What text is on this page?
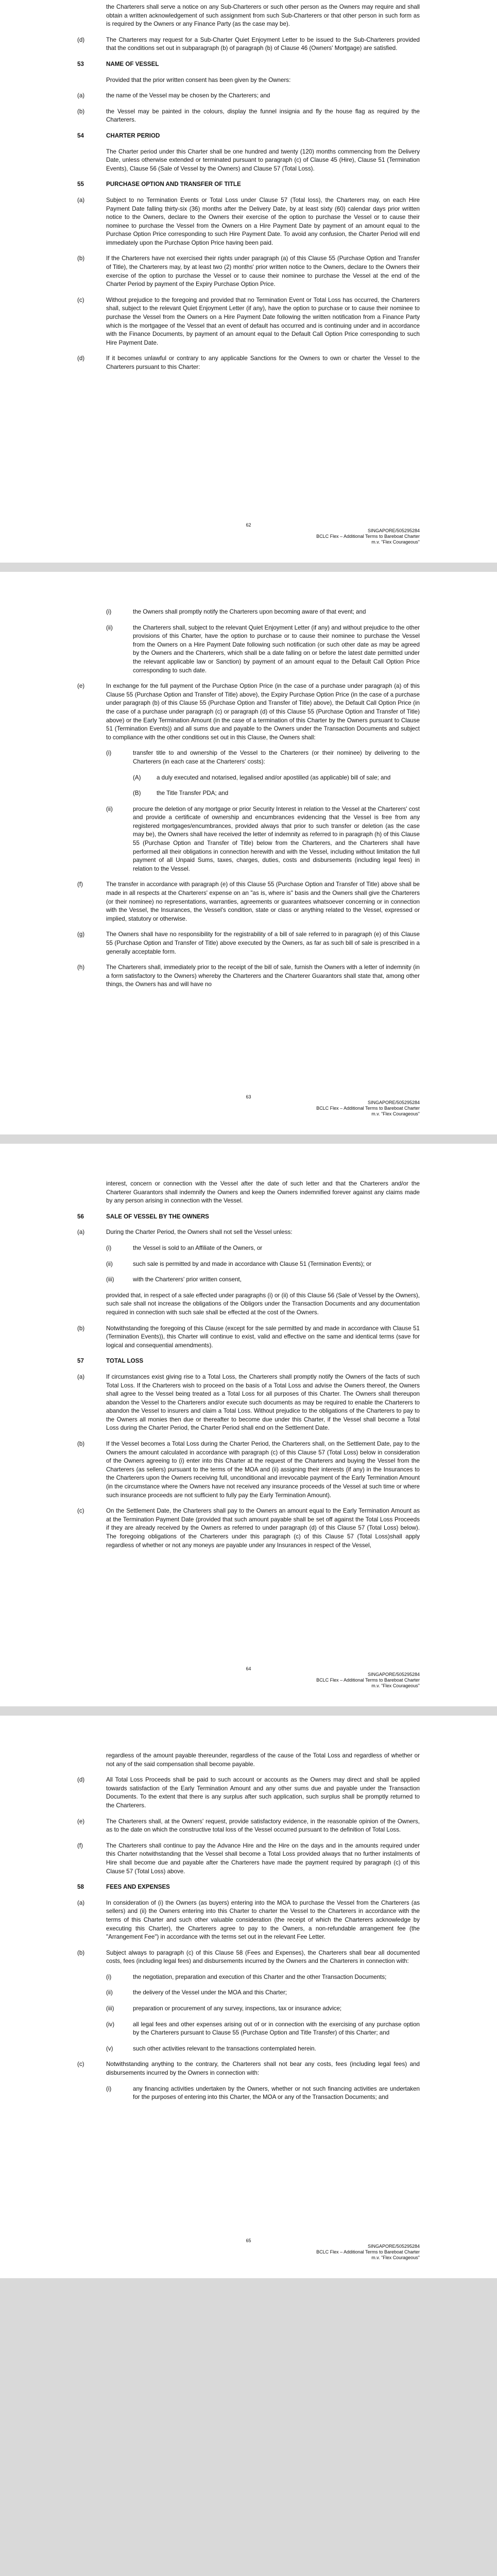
the Charterers shall serve a notice on any Sub-Charterers or such other person as the Owners may require and shall obtain a written acknowledgement of such assignment from such Sub-Charterers or that other person in such form as is required by the Owners or any Finance Party (as the case may be).
(d)	The Charterers may request for a Sub-Charter Quiet Enjoyment Letter to be issued to the Sub-Charterers provided that the conditions set out in subparagraph (b) of paragraph (b) of Clause 46 (Owners' Mortgage) are satisfied.
53	NAME OF VESSEL
Provided that the prior written consent has been given by the Owners:
(a)	the name of the Vessel may be chosen by the Charterers; and
(b)	the Vessel may be painted in the colours, display the funnel insignia and fly the house flag as required by the Charterers.
54	CHARTER PERIOD
The Charter period under this Charter shall be one hundred and twenty (120) months commencing from the Delivery Date, unless otherwise extended or terminated pursuant to paragraph (c) of Clause 45 (Hire), Clause 51 (Termination Events), Clause 56 (Sale of Vessel by the Owners) and Clause 57 (Total Loss).
55	PURCHASE OPTION AND TRANSFER OF TITLE
(a)	Subject to no Termination Events or Total Loss under Clause 57 (Total loss), the Charterers may, on each Hire Payment Date falling thirty-six (36) months after the Delivery Date, by at least sixty (60) calendar days prior written notice to the Owners, declare to the Owners their exercise of the option to purchase the Vessel or to cause their nominee to purchase the Vessel from the Owners on a Hire Payment Date by payment of an amount equal to the Purchase Option Price corresponding to such Hire Payment Date. To avoid any confusion, the Charter Period will end immediately upon the Purchase Option Price having been paid.
(b)	If the Charterers have not exercised their rights under paragraph (a) of this Clause 55 (Purchase Option and Transfer of Title), the Charterers may, by at least two (2) months' prior written notice to the Owners, declare to the Owners their exercise of the option to purchase the Vessel or to cause their nominee to purchase the Vessel at the end of the Charter Period by payment of the Expiry Purchase Option Price.
(c)	Without prejudice to the foregoing and provided that no Termination Event or Total Loss has occurred, the Charterers shall, subject to the relevant Quiet Enjoyment Letter (if any), have the option to purchase or to cause their nominee to purchase the Vessel from the Owners on a Hire Payment Date following the written notification from a Finance Party which is the mortgagee of the Vessel that an event of default has occurred and is continuing under and in accordance with the Finance Documents, by payment of an amount equal to the Default Call Option Price corresponding to such Hire Payment Date.
(d)	If it becomes unlawful or contrary to any applicable Sanctions for the Owners to own or charter the Vessel to the Charterers pursuant to this Charter:
62
SINGAPORE/505295284
BCLC Flex – Additional Terms to Bareboat Charter
m.v. "Flex Courageous"
(i)	the Owners shall promptly notify the Charterers upon becoming aware of that event; and
(ii)	the Charterers shall, subject to the relevant Quiet Enjoyment Letter (if any) and without prejudice to the other provisions of this Charter, have the option to purchase or to cause their nominee to purchase the Vessel from the Owners on a Hire Payment Date following such notification (or such other date as may be agreed by the Owners and the Charterers, which shall be a date falling on or before the latest date permitted under the relevant applicable law or Sanction) by payment of an amount equal to the Default Call Option Price corresponding to such date.
(e)	In exchange for the full payment of the Purchase Option Price (in the case of a purchase under paragraph (a) of this Clause 55 (Purchase Option and Transfer of Title) above), the Expiry Purchase Option Price (in the case of a purchase under paragraph (b) of this Clause 55 (Purchase Option and Transfer of Title) above), the Default Call Option Price (in the case of a purchase under paragraph (c) or paragraph (d) of this Clause 55 (Purchase Option and Transfer of Title) above) or the Early Termination Amount (in the case of a termination of this Charter by the Owners pursuant to Clause 51 (Termination Events)) and all sums due and payable to the Owners under the Transaction Documents and subject to compliance with the other conditions set out in this Clause, the Owners shall:
(i)	transfer title to and ownership of the Vessel to the Charterers (or their nominee) by delivering to the Charterers (in each case at the Charterers' costs):
(A)	a duly executed and notarised, legalised and/or apostilled (as applicable) bill of sale; and
(B)	the Title Transfer PDA; and
(ii)	procure the deletion of any mortgage or prior Security Interest in relation to the Vessel at the Charterers' cost and provide a certificate of ownership and encumbrances evidencing that the Vessel is free from any registered mortgages/encumbrances, provided always that prior to such transfer or deletion (as the case may be), the Owners shall have received the letter of indemnity as referred to in paragraph (h) of this Clause 55 (Purchase Option and Transfer of Title) below from the Charterers, and the Charterers shall have performed all their obligations in connection herewith and with the Vessel, including without limitation the full payment of all Unpaid Sums, taxes, charges, duties, costs and disbursements (including legal fees) in relation to the Vessel.
(f)	The transfer in accordance with paragraph (e) of this Clause 55 (Purchase Option and Transfer of Title) above shall be made in all respects at the Charterers' expense on an "as is, where is" basis and the Owners shall give the Charterers (or their nominee) no representations, warranties, agreements or guarantees whatsoever concerning or in connection with the Vessel, the Insurances, the Vessel's condition, state or class or anything related to the Vessel, expressed or implied, statutory or otherwise.
(g)	The Owners shall have no responsibility for the registrability of a bill of sale referred to in paragraph (e) of this Clause 55 (Purchase Option and Transfer of Title) above executed by the Owners, as far as such bill of sale is prescribed in a generally acceptable form.
(h)	The Charterers shall, immediately prior to the receipt of the bill of sale, furnish the Owners with a letter of indemnity (in a form satisfactory to the Owners) whereby the Charterers and the Charterer Guarantors shall state that, among other things, the Owners has and will have no
63
SINGAPORE/505295284
BCLC Flex – Additional Terms to Bareboat Charter
m.v. "Flex Courageous"
interest, concern or connection with the Vessel after the date of such letter and that the Charterers and/or the Charterer Guarantors shall indemnify the Owners and keep the Owners indemnified forever against any claims made by any person arising in connection with the Vessel.
56	SALE OF VESSEL BY THE OWNERS
(a)	During the Charter Period, the Owners shall not sell the Vessel unless:
(i)	the Vessel is sold to an Affiliate of the Owners, or
(ii)	such sale is permitted by and made in accordance with Clause 51 (Termination Events); or
(iii)	with the Charterers' prior written consent,
provided that, in respect of a sale effected under paragraphs (i) or (ii) of this Clause 56 (Sale of Vessel by the Owners), such sale shall not increase the obligations of the Obligors under the Transaction Documents and any documentation required in connection with such sale shall be effected at the cost of the Owners.
(b)	Notwithstanding the foregoing of this Clause (except for the sale permitted by and made in accordance with Clause 51 (Termination Events)), this Charter will continue to exist, valid and effective on the same and identical terms (save for logical and consequential amendments).
57	TOTAL LOSS
(a)	If circumstances exist giving rise to a Total Loss, the Charterers shall promptly notify the Owners of the facts of such Total Loss. If the Charterers wish to proceed on the basis of a Total Loss and advise the Owners thereof, the Owners shall agree to the Vessel being treated as a Total Loss for all purposes of this Charter. The Owners shall thereupon abandon the Vessel to the Charterers and/or execute such documents as may be required to enable the Charterers to abandon the Vessel to insurers and claim a Total Loss. Without prejudice to the obligations of the Charterers to pay to the Owners all monies then due or thereafter to become due under this Charter, if the Vessel shall become a Total Loss during the Charter Period, the Charter Period shall end on the Settlement Date.
(b)	If the Vessel becomes a Total Loss during the Charter Period, the Charterers shall, on the Settlement Date, pay to the Owners the amount calculated in accordance with paragraph (c) of this Clause 57 (Total Loss) below in consideration of the Owners agreeing to (i) enter into this Charter at the request of the Charterers and buying the Vessel from the Charterers (as sellers) pursuant to the terms of the MOA and (ii) assigning their interests (if any) in the Insurances to the Charterers upon the Owners receiving full, unconditional and irrevocable payment of the Early Termination Amount (in the circumstance where the Owners have not received any insurance proceeds of the Vessel at such time or where such insurance proceeds are not sufficient to fully pay the Early Termination Amount).
(c)	On the Settlement Date, the Charterers shall pay to the Owners an amount equal to the Early Termination Amount as at the Termination Payment Date (provided that such amount payable shall be set off against the Total Loss Proceeds if they are already received by the Owners as referred to under paragraph (d) of this Clause 57 (Total Loss) below). The foregoing obligations of the Charterers under this paragraph (c) of this Clause 57 (Total Loss)shall apply regardless of whether or not any moneys are payable under any Insurances in respect of the Vessel,
64
SINGAPORE/505295284
BCLC Flex – Additional Terms to Bareboat Charter
m.v. "Flex Courageous"
regardless of the amount payable thereunder, regardless of the cause of the Total Loss and regardless of whether or not any of the said compensation shall become payable.
(d)	All Total Loss Proceeds shall be paid to such account or accounts as the Owners may direct and shall be applied towards satisfaction of the Early Termination Amount and any other sums due and payable under the Transaction Documents. To the extent that there is any surplus after such application, such surplus shall be promptly returned to the Charterers.
(e)	The Charterers shall, at the Owners' request, provide satisfactory evidence, in the reasonable opinion of the Owners, as to the date on which the constructive total loss of the Vessel occurred pursuant to the definition of Total Loss.
(f)	The Charterers shall continue to pay the Advance Hire and the Hire on the days and in the amounts required under this Charter notwithstanding that the Vessel shall become a Total Loss provided always that no further instalments of Hire shall become due and payable after the Charterers have made the payment required by paragraph (c) of this Clause 57 (Total Loss) above.
58	FEES AND EXPENSES
(a)	In consideration of (i) the Owners (as buyers) entering into the MOA to purchase the Vessel from the Charterers (as sellers) and (ii) the Owners entering into this Charter to charter the Vessel to the Charterers in accordance with the terms of this Charter and such other valuable consideration (the receipt of which the Charterers acknowledge by executing this Charter), the Charterers agree to pay to the Owners, a non-refundable arrangement fee (the "Arrangement Fee") in accordance with the terms set out in the relevant Fee Letter.
(b)	Subject always to paragraph (c) of this Clause 58 (Fees and Expenses), the Charterers shall bear all documented costs, fees (including legal fees) and disbursements incurred by the Owners and the Charterers in connection with:
(i)	the negotiation, preparation and execution of this Charter and the other Transaction Documents;
(ii)	the delivery of the Vessel under the MOA and this Charter;
(iii)	preparation or procurement of any survey, inspections, tax or insurance advice;
(iv)	all legal fees and other expenses arising out of or in connection with the exercising of any purchase option by the Charterers pursuant to Clause 55 (Purchase Option and Title Transfer) of this Charter; and
(v)	such other activities relevant to the transactions contemplated herein.
(c)	Notwithstanding anything to the contrary, the Charterers shall not bear any costs, fees (including legal fees) and disbursements incurred by the Owners in connection with:
(i)	any financing activities undertaken by the Owners, whether or not such financing activities are undertaken for the purposes of entering into this Charter, the MOA or any of the Transaction Documents; and
65
SINGAPORE/505295284
BCLC Flex – Additional Terms to Bareboat Charter
m.v. "Flex Courageous"
